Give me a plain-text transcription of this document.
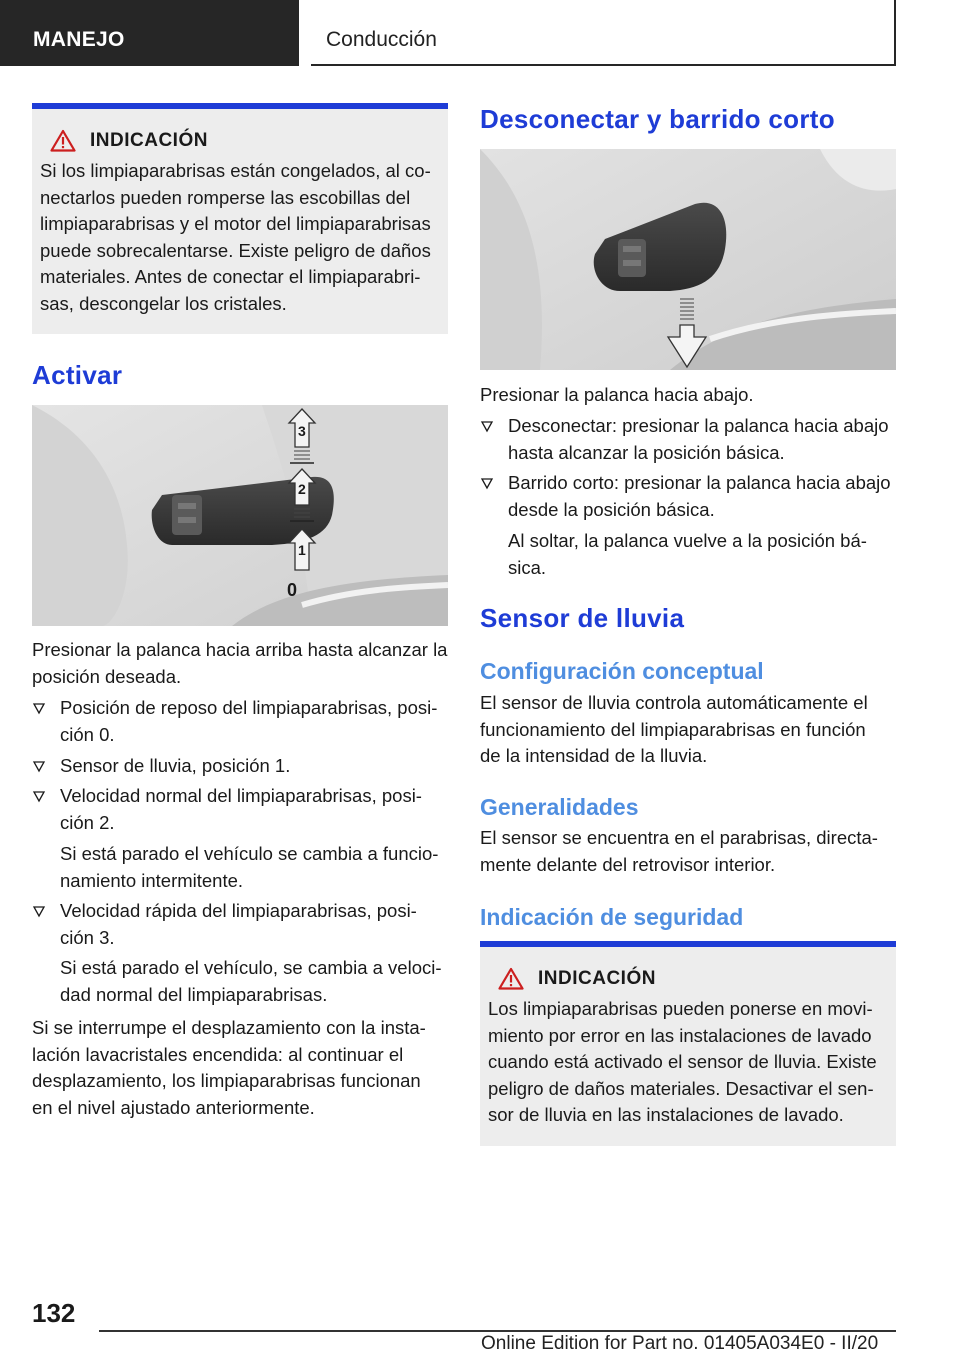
MANEJO	Conducción
INDICACIÓN
Si los limpiaparabrisas están congelados, al co-
nectarlos pueden romperse las escobillas del
limpiaparabrisas y el motor del limpiaparabrisas
puede sobrecalentarse. Existe peligro de daños
materiales. Antes de conectar el limpiaparabri-
sas, descongelar los cristales.
Activar
3
2
1
0
Presionar la palanca hacia arriba hasta alcanzar la
posición deseada.
Posición de reposo del limpiaparabrisas, posi-
ción 0.
Sensor de lluvia, posición 1.
Velocidad normal del limpiaparabrisas, posi-
ción 2.
Si está parado el vehículo se cambia a funcio-
namiento intermitente.
Velocidad rápida del limpiaparabrisas, posi-
ción 3.
Si está parado el vehículo, se cambia a veloci-
dad normal del limpiaparabrisas.
Si se interrumpe el desplazamiento con la insta-
lación lavacristales encendida: al continuar el
desplazamiento, los limpiaparabrisas funcionan
en el nivel ajustado anteriormente.
Desconectar y barrido corto
Presionar la palanca hacia abajo.
Desconectar: presionar la palanca hacia abajo
hasta alcanzar la posición básica.
Barrido corto: presionar la palanca hacia abajo
desde la posición básica.
Al soltar, la palanca vuelve a la posición bá-
sica.
Sensor de lluvia
Configuración conceptual
El sensor de lluvia controla automáticamente el
funcionamiento del limpiaparabrisas en función
de la intensidad de la lluvia.
Generalidades
El sensor se encuentra en el parabrisas, directa-
mente delante del retrovisor interior.
Indicación de seguridad
INDICACIÓN
Los limpiaparabrisas pueden ponerse en movi-
miento por error en las instalaciones de lavado
cuando está activado el sensor de lluvia. Existe
peligro de daños materiales. Desactivar el sen-
sor de lluvia en las instalaciones de lavado.
132
Online Edition for Part no. 01405A034E0 - II/20
